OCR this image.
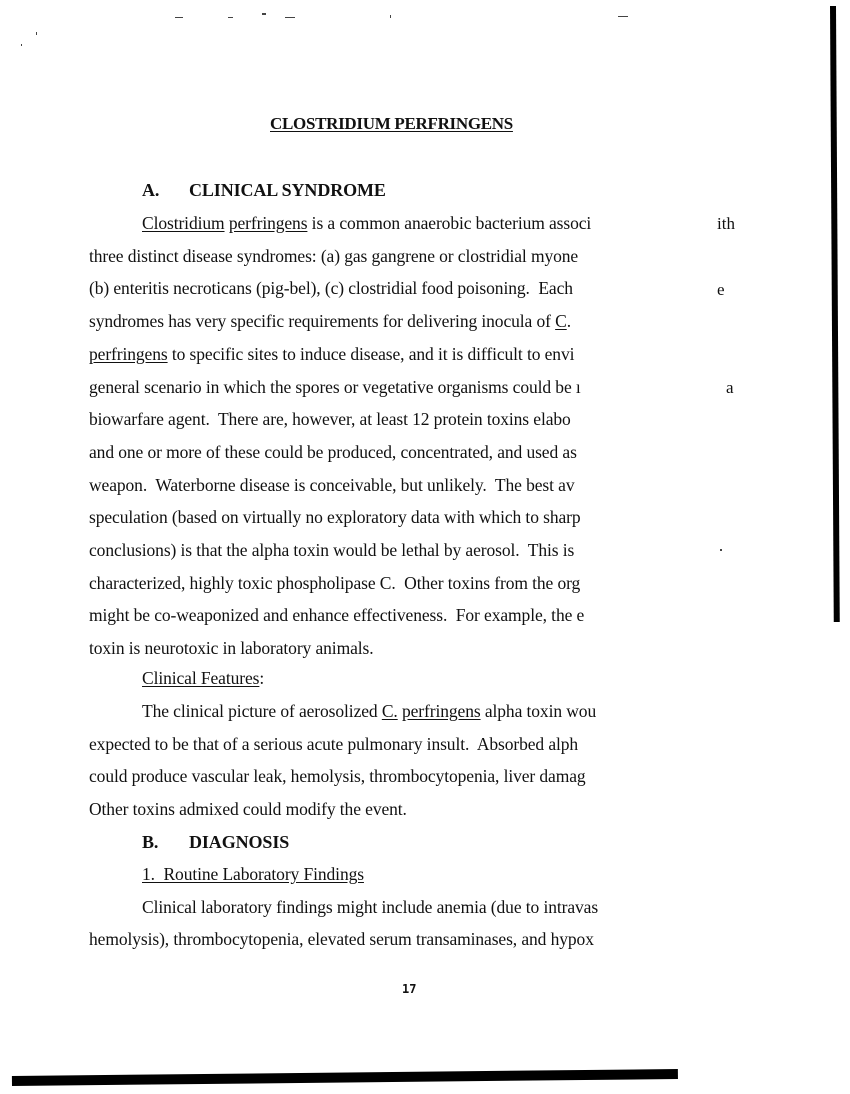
CLOSTRIDIUM PERFRINGENS
A. CLINICAL SYNDROME
Clostridium perfringens is a common anaerobic bacterium associ
three distinct disease syndromes: (a) gas gangrene or clostridial myone
(b) enteritis necroticans (pig-bel), (c) clostridial food poisoning.  Each
syndromes has very specific requirements for delivering inocula of C.
perfringens to specific sites to induce disease, and it is difficult to envi
general scenario in which the spores or vegetative organisms could be ı
biowarfare agent.  There are, however, at least 12 protein toxins elabo
and one or more of these could be produced, concentrated, and used as
weapon.  Waterborne disease is conceivable, but unlikely.  The best av
speculation (based on virtually no exploratory data with which to sharp
conclusions) is that the alpha toxin would be lethal by aerosol.  This is
characterized, highly toxic phospholipase C.  Other toxins from the org
might be co-weaponized and enhance effectiveness.  For example, the e
toxin is neurotoxic in laboratory animals.
ith
e
a
Clinical Features:
The clinical picture of aerosolized C. perfringens alpha toxin wou
expected to be that of a serious acute pulmonary insult.  Absorbed alph
could produce vascular leak, hemolysis, thrombocytopenia, liver damag
Other toxins admixed could modify the event.
B. DIAGNOSIS
1.  Routine Laboratory Findings
Clinical laboratory findings might include anemia (due to intravas
hemolysis), thrombocytopenia, elevated serum transaminases, and hypox
17
